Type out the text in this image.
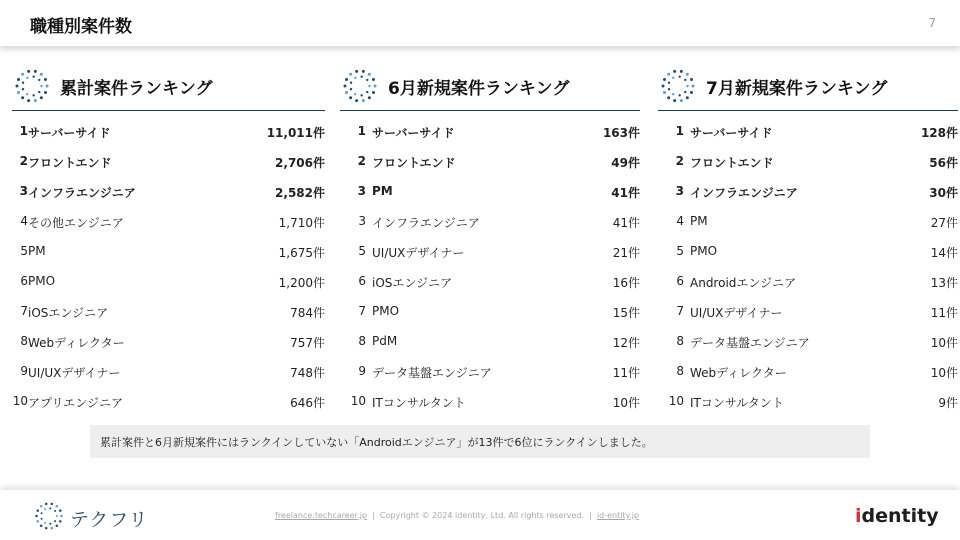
職種別案件数	7
累計案件ランキング
1 サーバーサイド	11,011件
2 フロントエンド	2,706件
3 インフラエンジニア	2,582件
4 その他エンジニア	1,710件
5 PM	1,675件
6 PMO	1,200件
7 iOSエンジニア	784件
8 Webディレクター	757件
9 UI/UXデザイナー	748件
10 アプリエンジニア	646件
6月新規案件ランキング
1 サーバーサイド	163件
2 フロントエンド	49件
3 PM	41件
3 インフラエンジニア	41件
5 UI/UXデザイナー	21件
6 iOSエンジニア	16件
7 PMO	15件
8 PdM	12件
9 データ基盤エンジニア	11件
10 ITコンサルタント	10件
7月新規案件ランキング
1 サーバーサイド	128件
2 フロントエンド	56件
3 インフラエンジニア	30件
4 PM	27件
5 PMO	14件
6 Androidエンジニア	13件
7 UI/UXデザイナー	11件
8 データ基盤エンジニア	10件
8 Webディレクター	10件
10 ITコンサルタント	9件
累計案件と6月新規案件にはランクインしていない「Androidエンジニア」が13件で6位にランクインしました。
テクフリ	freelance.techcareer.jp | Copyright © 2024 identity, Ltd. All rights reserved. | id-entity.jp	identity
